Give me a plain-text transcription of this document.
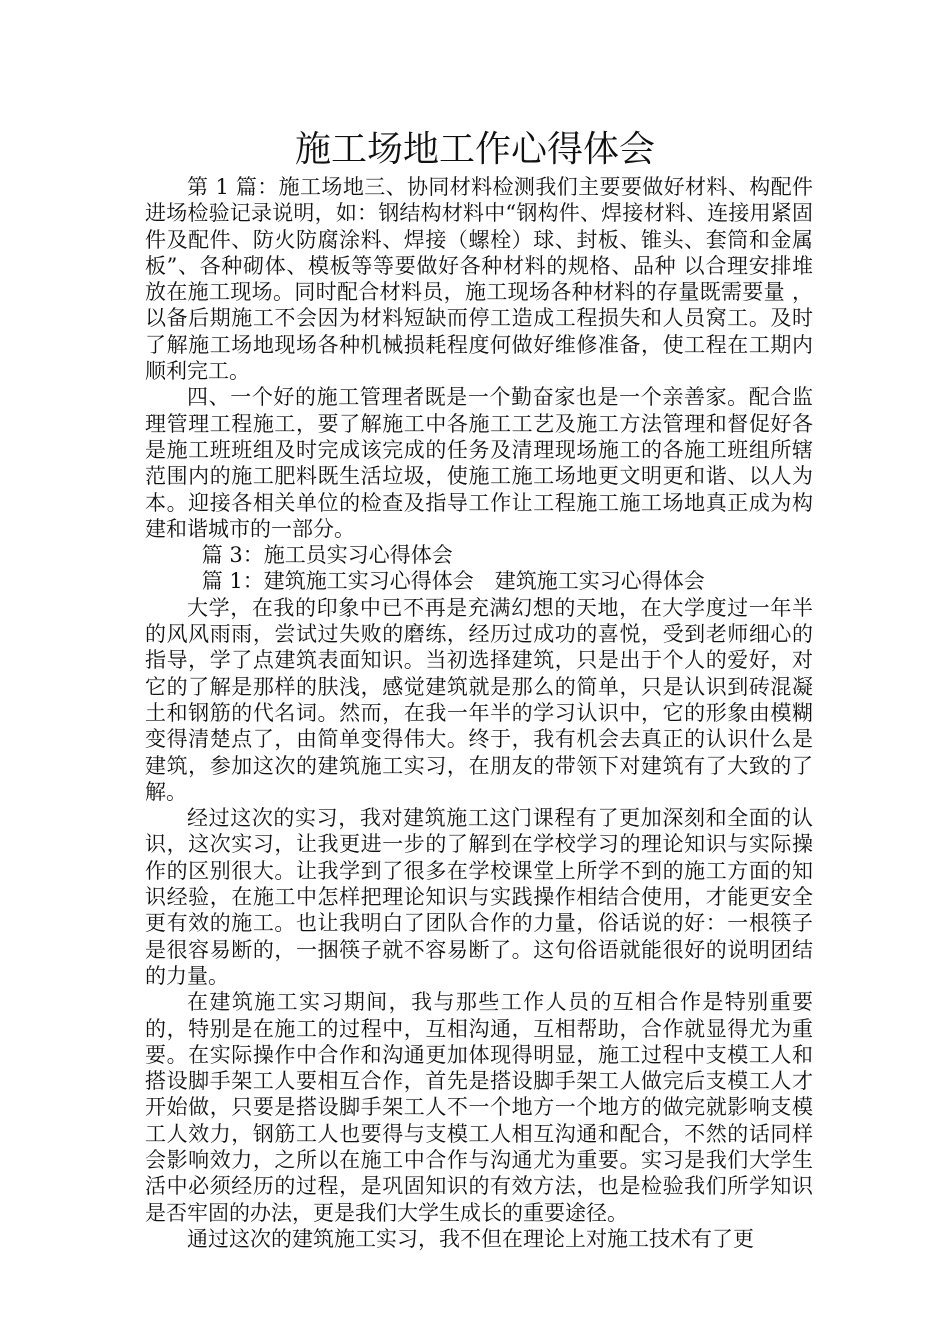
施工场地工作心得体会

第 1 篇：施工场地三、协同材料检测我们主要要做好材料、构配件进场检验记录说明，如：钢结构材料中“钢构件、焊接材料、连接用紧固件及配件、防火防腐涂料、焊接（螺栓）球、封板、锥头、套筒和金属板”、各种砌体、模板等等要做好各种材料的规格、品种 以合理安排堆放在施工现场。同时配合材料员，施工现场各种材料的存量既需要量 ，以备后期施工不会因为材料短缺而停工造成工程损失和人员窝工。及时了解施工场地现场各种机械损耗程度何做好维修准备，使工程在工期内顺利完工。

四、一个好的施工管理者既是一个勤奋家也是一个亲善家。配合监理管理工程施工，要了解施工中各施工工艺及施工方法管理和督促好各是施工班班组及时完成该完成的任务及清理现场施工的各施工班组所辖范围内的施工肥料既生活垃圾，使施工施工场地更文明更和谐、以人为本。迎接各相关单位的检查及指导工作让工程施工施工场地真正成为构建和谐城市的一部分。

篇 3：施工员实习心得体会

篇 1：建筑施工实习心得体会　建筑施工实习心得体会

大学，在我的印象中已不再是充满幻想的天地，在大学度过一年半的风风雨雨，尝试过失败的磨练，经历过成功的喜悦，受到老师细心的指导，学了点建筑表面知识。当初选择建筑，只是出于个人的爱好，对它的了解是那样的肤浅，感觉建筑就是那么的简单，只是认识到砖混凝土和钢筋的代名词。然而，在我一年半的学习认识中，它的形象由模糊变得清楚点了，由简单变得伟大。终于，我有机会去真正的认识什么是建筑，参加这次的建筑施工实习，在朋友的带领下对建筑有了大致的了解。

经过这次的实习，我对建筑施工这门课程有了更加深刻和全面的认识，这次实习，让我更进一步的了解到在学校学习的理论知识与实际操作的区别很大。让我学到了很多在学校课堂上所学不到的施工方面的知识经验，在施工中怎样把理论知识与实践操作相结合使用，才能更安全更有效的施工。也让我明白了团队合作的力量，俗话说的好：一根筷子是很容易断的，一捆筷子就不容易断了。这句俗语就能很好的说明团结的力量。

在建筑施工实习期间，我与那些工作人员的互相合作是特别重要的，特别是在施工的过程中，互相沟通，互相帮助，合作就显得尤为重要。在实际操作中合作和沟通更加体现得明显，施工过程中支模工人和搭设脚手架工人要相互合作，首先是搭设脚手架工人做完后支模工人才开始做，只要是搭设脚手架工人不一个地方一个地方的做完就影响支模工人效力，钢筋工人也要得与支模工人相互沟通和配合，不然的话同样会影响效力，之所以在施工中合作与沟通尤为重要。实习是我们大学生活中必须经历的过程，是巩固知识的有效方法，也是检验我们所学知识是否牢固的办法，更是我们大学生成长的重要途径。

通过这次的建筑施工实习，我不但在理论上对施工技术有了更
